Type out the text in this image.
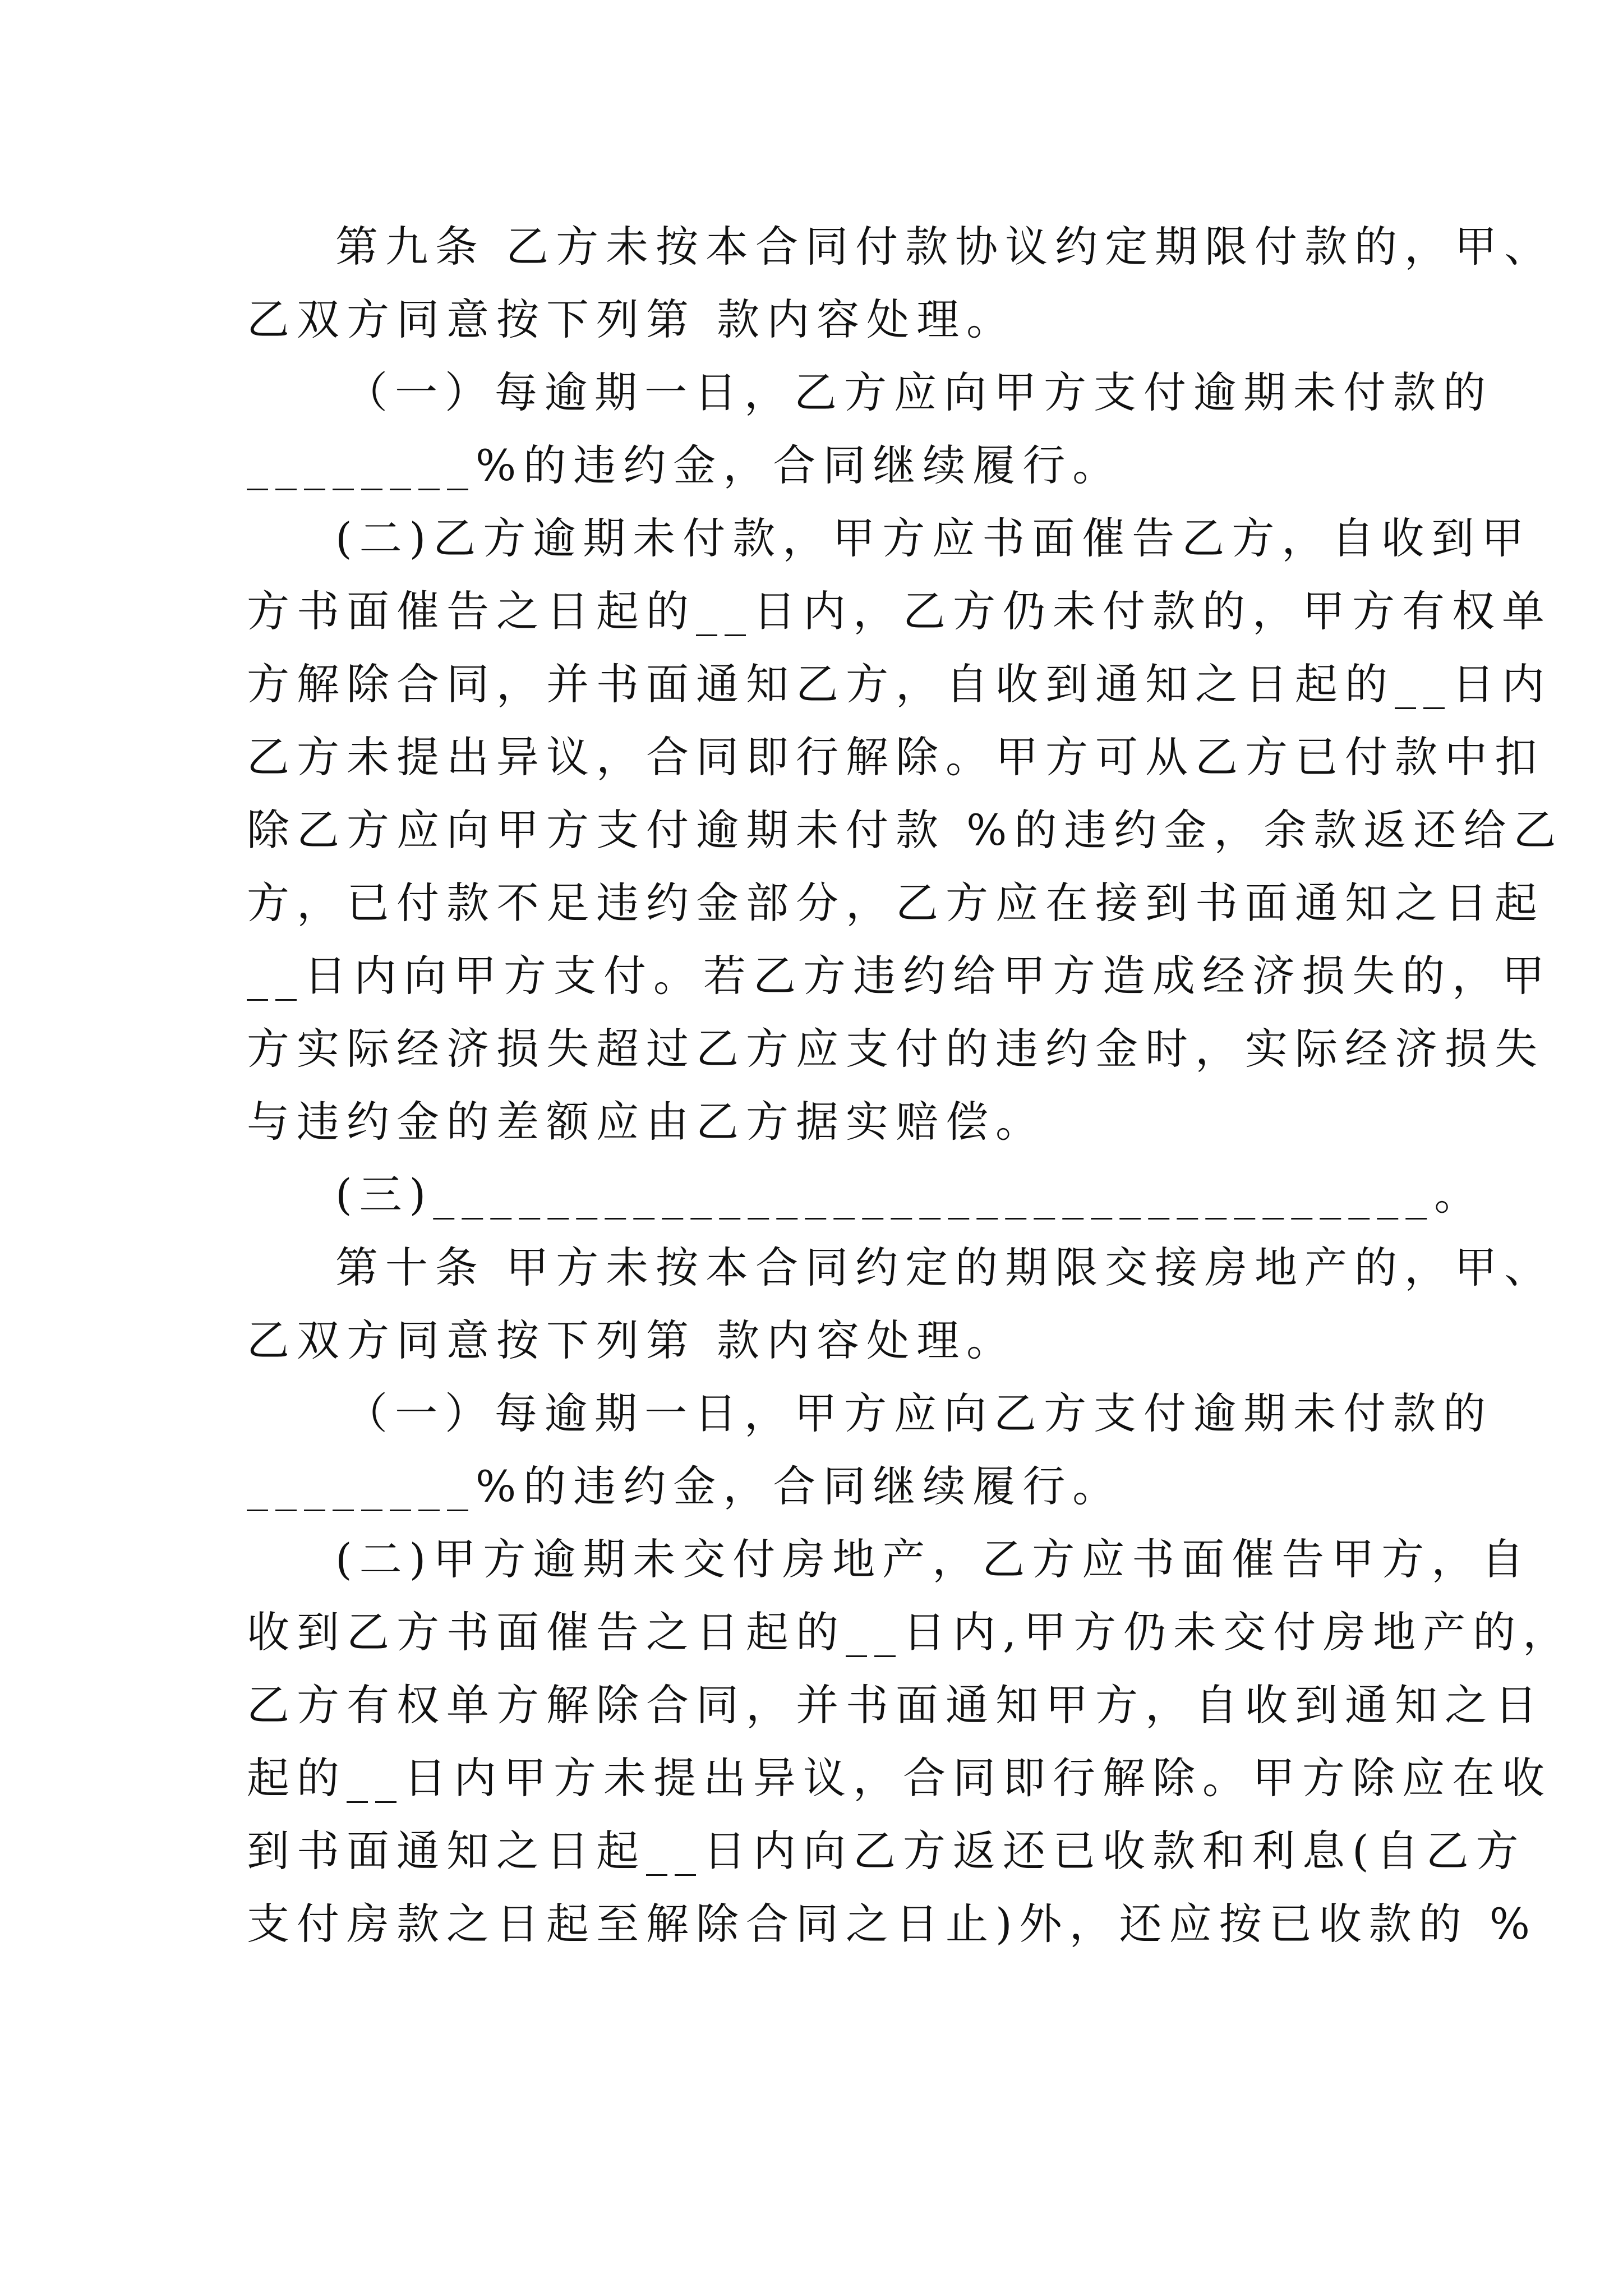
第九条 乙方未按本合同付款协议约定期限付款的，甲、
乙双方同意按下列第 款内容处理。
（一）每逾期一日，乙方应向甲方支付逾期未付款的
________%的违约金，合同继续履行。
(二)乙方逾期未付款，甲方应书面催告乙方，自收到甲
方书面催告之日起的__日内，乙方仍未付款的，甲方有权单
方解除合同，并书面通知乙方，自收到通知之日起的__日内
乙方未提出异议，合同即行解除。甲方可从乙方已付款中扣
除乙方应向甲方支付逾期未付款 %的违约金，余款返还给乙
方，已付款不足违约金部分，乙方应在接到书面通知之日起
__日内向甲方支付。若乙方违约给甲方造成经济损失的，甲
方实际经济损失超过乙方应支付的违约金时，实际经济损失
与违约金的差额应由乙方据实赔偿。
(三)___________________________________。
第十条 甲方未按本合同约定的期限交接房地产的，甲、
乙双方同意按下列第 款内容处理。
（一）每逾期一日，甲方应向乙方支付逾期未付款的
________%的违约金，合同继续履行。
(二)甲方逾期未交付房地产，乙方应书面催告甲方，自
收到乙方书面催告之日起的__日内,甲方仍未交付房地产的，
乙方有权单方解除合同，并书面通知甲方，自收到通知之日
起的__日内甲方未提出异议，合同即行解除。甲方除应在收
到书面通知之日起__日内向乙方返还已收款和利息(自乙方
支付房款之日起至解除合同之日止)外，还应按已收款的 %
